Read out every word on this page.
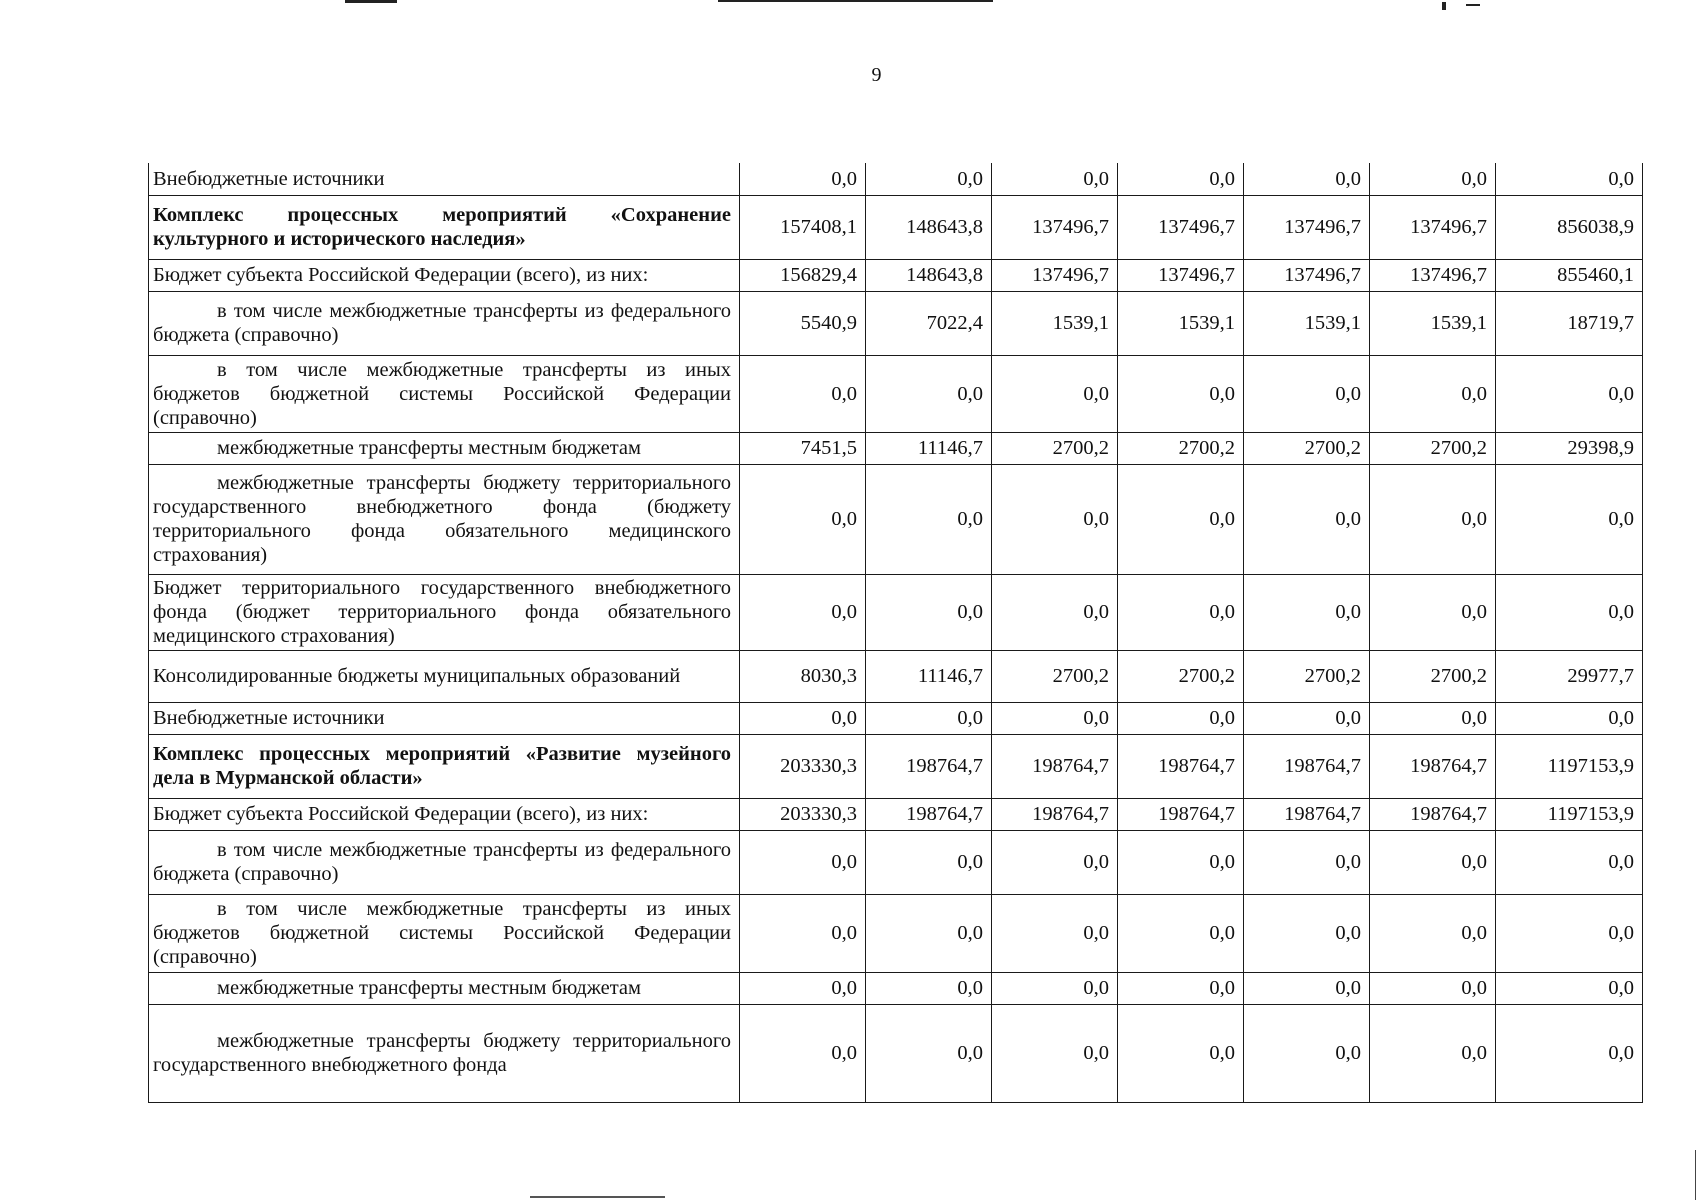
9
Внебюджетные источники	0,0	0,0	0,0	0,0	0,0	0,0	0,0
Комплекс процессных мероприятий «Сохранение культурного и исторического наследия»	157408,1	148643,8	137496,7	137496,7	137496,7	137496,7	856038,9
Бюджет субъекта Российской Федерации (всего), из них:	156829,4	148643,8	137496,7	137496,7	137496,7	137496,7	855460,1
в том числе межбюджетные трансферты из федерального бюджета (справочно)	5540,9	7022,4	1539,1	1539,1	1539,1	1539,1	18719,7
в том числе межбюджетные трансферты из иных бюджетов бюджетной системы Российской Федерации (справочно)	0,0	0,0	0,0	0,0	0,0	0,0	0,0
межбюджетные трансферты местным бюджетам	7451,5	11146,7	2700,2	2700,2	2700,2	2700,2	29398,9
межбюджетные трансферты бюджету территориального государственного внебюджетного фонда (бюджету территориального фонда обязательного медицинского страхования)	0,0	0,0	0,0	0,0	0,0	0,0	0,0
Бюджет территориального государственного внебюджетного фонда (бюджет территориального фонда обязательного медицинского страхования)	0,0	0,0	0,0	0,0	0,0	0,0	0,0
Консолидированные бюджеты муниципальных образований	8030,3	11146,7	2700,2	2700,2	2700,2	2700,2	29977,7
Внебюджетные источники	0,0	0,0	0,0	0,0	0,0	0,0	0,0
Комплекс процессных мероприятий «Развитие музейного дела в Мурманской области»	203330,3	198764,7	198764,7	198764,7	198764,7	198764,7	1197153,9
Бюджет субъекта Российской Федерации (всего), из них:	203330,3	198764,7	198764,7	198764,7	198764,7	198764,7	1197153,9
в том числе межбюджетные трансферты из федерального бюджета (справочно)	0,0	0,0	0,0	0,0	0,0	0,0	0,0
в том числе межбюджетные трансферты из иных бюджетов бюджетной системы Российской Федерации (справочно)	0,0	0,0	0,0	0,0	0,0	0,0	0,0
межбюджетные трансферты местным бюджетам	0,0	0,0	0,0	0,0	0,0	0,0	0,0
межбюджетные трансферты бюджету территориального государственного внебюджетного фонда	0,0	0,0	0,0	0,0	0,0	0,0	0,0
